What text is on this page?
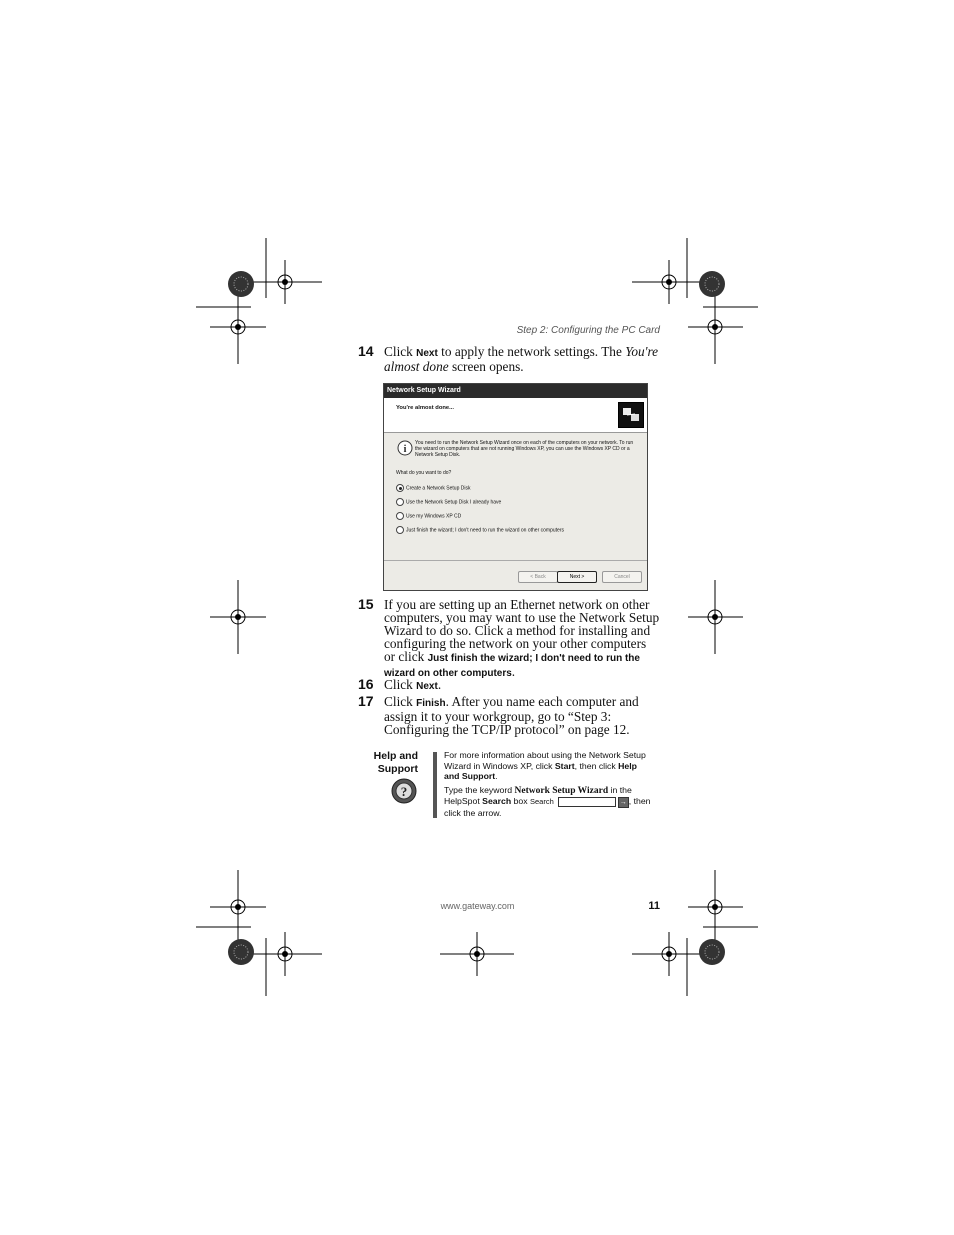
Step 2: Configuring the PC Card
14 Click Next to apply the network settings. The You're almost done screen opens.
Network Setup Wizard
You're almost done...
i
You need to run the Network Setup Wizard once on each of the computers on your network. To run the wizard on computers that are not running Windows XP, you can use the Windows XP CD or a Network Setup Disk.
What do you want to do?
Create a Network Setup Disk
Use the Network Setup Disk I already have
Use my Windows XP CD
Just finish the wizard; I don't need to run the wizard on other computers
< Back	Next >	Cancel
15 If you are setting up an Ethernet network on other computers, you may want to use the Network Setup Wizard to do so. Click a method for installing and configuring the network on your other computers or click Just finish the wizard; I don't need to run the wizard on other computers.
16 Click Next.
17 Click Finish. After you name each computer and assign it to your workgroup, go to “Step 3: Configuring the TCP/IP protocol” on page 12.
Help and
Support
?
For more information about using the Network Setup Wizard in Windows XP, click Start, then click Help and Support.
Type the keyword Network Setup Wizard in the HelpSpot Search box Search	→ , then click the arrow.
www.gateway.com	11
